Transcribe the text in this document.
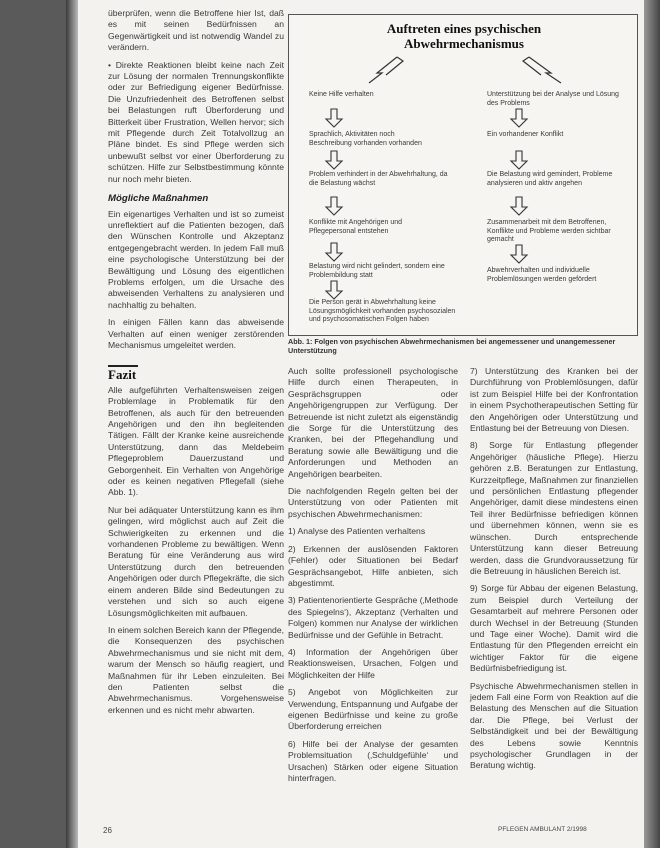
überprüfen, wenn die Betroffene hier Ist, daß es mit seinen Bedürfnissen an Gegenwärtigkeit und ist notwendig Wandel zu verändern.

• Direkte Reaktionen bleibt keine nach Zeit zur Lösung der normalen Trennungskonflikte oder zur Befriedigung eigener Bedürfnisse. Die Unzufriedenheit des Betroffenen selbst bei Belastungen ruft Überforderung und Bitterkeit über Frustration, Wellen hervor; sich mit Pflegende durch Zeit Totalvollzug an Pläne bindet. Es sind Pflege werden sich unbewußt selbst vor einer Überforderung zu schützen. Hilfe zur Selbstbestimmung könnte nur noch mehr bieten.

Mögliche Maßnahmen

Ein eigenartiges Verhalten und ist so zumeist unreflektiert auf die Patienten bezogen, daß den Wünschen Kontrolle und Akzeptanz entgegengebracht werden. In jedem Fall muß eine psychologische Unterstützung bei der Bewältigung und Lösung des eigentlichen Problems erfolgen, um die Ursache des abweisenden Verhaltens zu analysieren und nachhaltig zu behalten.

In einigen Fällen kann das abweisende Verhalten auf einen weniger zerstörenden Mechanismus umgeleitet werden.

Fazit

Alle aufgeführten Verhaltensweisen zeigen Problemlage in Problematik für den Betroffenen, als auch für den betreuenden Angehörigen und den ihn begleitenden Tätigen. Fällt der Kranke keine ausreichende Unterstützung, dann das Meldebeim Pflegeproblem Dauerzustand und Geborgenheit. Ein Verhalten von Angehörige oder es keinen negativen Pflegefall (siehe Abb. 1).

Nur bei adäquater Unterstützung kann es ihm gelingen, wird möglichst auch auf Zeit die Schwierigkeiten zu erkennen und die vorhandenen Probleme zu bewältigen. Wenn Beratung für eine Veränderung aus wird Unterstützung durch den betreuenden Angehörigen oder durch Pflegekräfte, die sich einem anderen Bilde sind Bedeutungen zu verstehen und sich so auch eigene Lösungsmöglichkeiten mit aufbauen.

In einem solchen Bereich kann der Pflegende, die Konsequenzen des psychischen Abwehrmechanismus und sie nicht mit dem, warum der Mensch so häufig reagiert, und Maßnahmen für ihr Leben einzuleiten. Bei den Patienten selbst die Abwehrmechanismus. Vorgehensweise erkennen und es nicht mehr abwarten.

Auftreten eines psychischen
Abwehrmechanismus
Keine Hilfe verhalten
Sprachlich, Aktivitäten noch Beschreibung vorhanden vorhanden
Problem verhindert in der Abwehrhaltung, da die Belastung wächst
Konflikte mit Angehörigen und Pflegepersonal entstehen
Belastung wird nicht gelindert, sondern eine Problembildung statt
Die Person gerät in Abwehrhaltung keine Lösungsmöglichkeit vorhanden psychosozialen und psychosomatischen Folgen haben
Unterstützung bei der Analyse und Lösung des Problems
Ein vorhandener Konflikt
Die Belastung wird gemindert, Probleme analysieren und aktiv angehen
Zusammenarbeit mit dem Betroffenen, Konflikte und Probleme werden sichtbar gemacht
Abwehrverhalten und individuelle Problemlösungen werden gefördert
Abb. 1: Folgen von psychischen Abwehrmechanismen bei angemessener und unangemessener Unterstützung

Auch sollte professionell psychologische Hilfe durch einen Therapeuten, in Gesprächsgruppen oder Angehörigengruppen zur Verfügung. Der Betreuende ist nicht zuletzt als eigenständig die Sorge für die Unterstützung des Kranken, bei der Pflegehandlung und Beratung sowie alle Bewältigung und die Anforderungen und Methoden an Angehörigen bearbeiten.

Die nachfolgenden Regeln gelten bei der Unterstützung von oder Patienten mit psychischen Abwehrmechanismen:

1) Analyse des Patienten verhaltens

2) Erkennen der auslösenden Faktoren (Fehler) oder Situationen bei Bedarf Gesprächsangebot, Hilfe anbieten, sich abgestimmt.

3) Patientenorientierte Gespräche (‚Methode des Spiegelns‘), Akzeptanz (Verhalten und Folgen) kommen nur Analyse der wirklichen Bedürfnisse und der Gefühle in Betracht.

4) Information der Angehörigen über Reaktionsweisen, Ursachen, Folgen und Möglichkeiten der Hilfe

5) Angebot von Möglichkeiten zur Verwendung, Entspannung und Aufgabe der eigenen Bedürfnisse und keine zu große Überforderung erreichen

6) Hilfe bei der Analyse der gesamten Problemsituation (‚Schuldgefühle‘ und Ursachen) Stärken oder eigene Situation hinterfragen.

7) Unterstützung des Kranken bei der Durchführung von Problemlösungen, dafür ist zum Beispiel Hilfe bei der Konfrontation in einem Psychotherapeutischen Setting für den Angehörigen oder Unterstützung und Entlastung bei der Betreuung von Diesen.

8) Sorge für Entlastung pflegender Angehöriger (häusliche Pflege). Hierzu gehören z.B. Beratungen zur Entlastung, Kurzzeitpflege, Maßnahmen zur finanziellen und persönlichen Entlastung pflegender Angehöriger, damit diese mindestens einen Teil ihrer Bedürfnisse befriedigen können und übernehmen können, wenn sie es wünschen. Durch entsprechende Unterstützung kann dieser Betreuung werden, dass die Grundvoraussetzung für die Betreuung in häuslichen Bereich ist.

9) Sorge für Abbau der eigenen Belastung, zum Beispiel durch Verteilung der Gesamtarbeit auf mehrere Personen oder durch Wechsel in der Betreuung (Stunden und Tage einer Woche). Damit wird die Entlastung für den Pflegenden erreicht ein wichtiger Faktor für die eigene Bedürfnisbefriedigung ist.

Psychische Abwehrmechanismen stellen in jedem Fall eine Form von Reaktion auf die Belastung des Menschen auf die Situation dar. Die Pflege, bei Verlust der Selbständigkeit und bei der Bewältigung des Lebens sowie Kenntnis psychologischer Grundlagen in der Beratung wichtig.

26	PFLEGEN AMBULANT 2/1998
